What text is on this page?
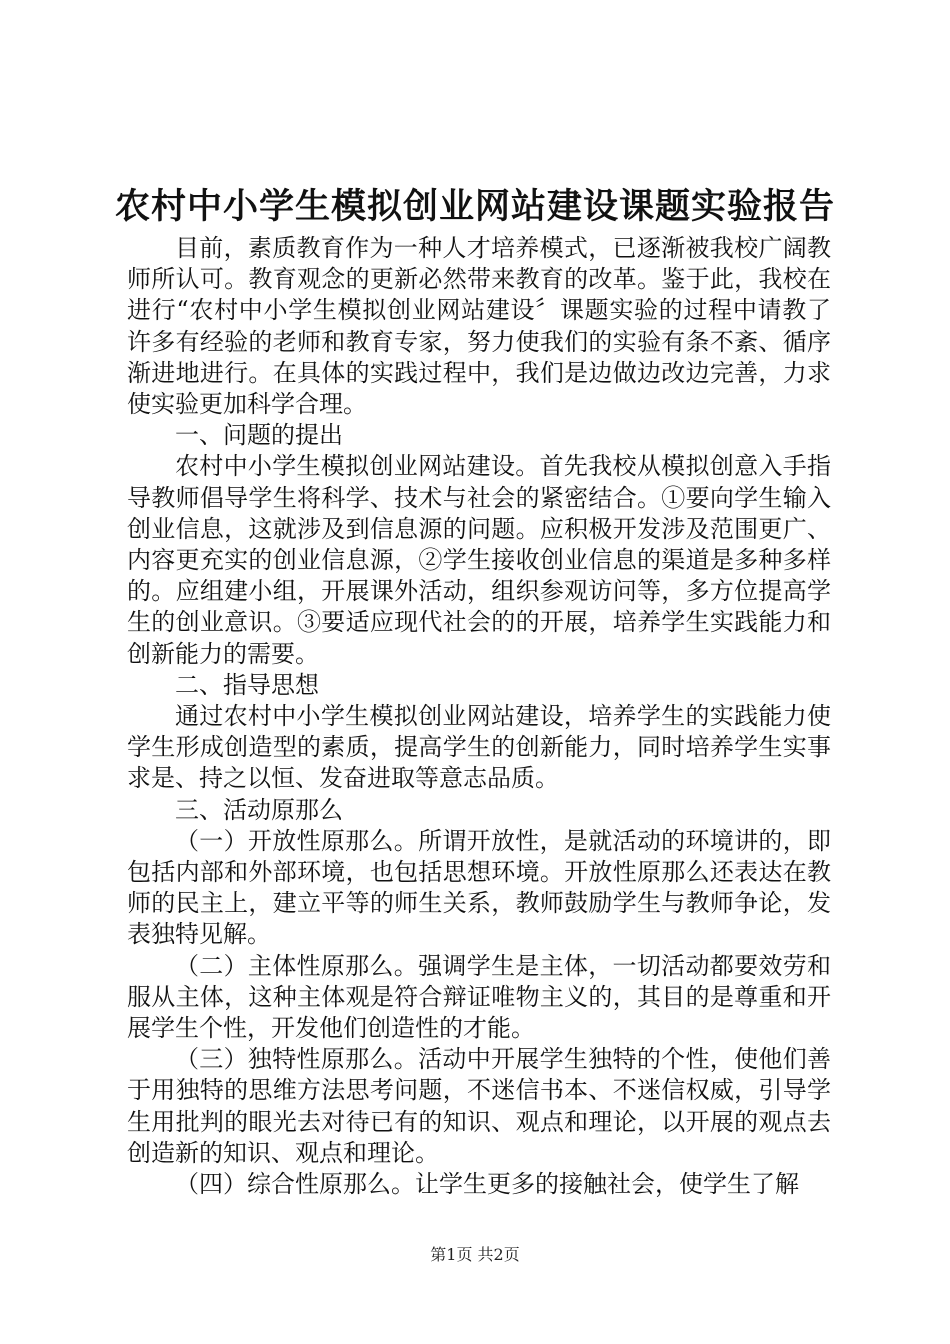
农村中小学生模拟创业网站建设课题实验报告

目前，素质教育作为一种人才培养模式，已逐渐被我校广阔教师所认可。教育观念的更新必然带来教育的改革。鉴于此，我校在进行“农村中小学生模拟创业网站建设〞课题实验的过程中请教了许多有经验的老师和教育专家，努力使我们的实验有条不紊、循序渐进地进行。在具体的实践过程中，我们是边做边改边完善，力求使实验更加科学合理。

一、问题的提出

农村中小学生模拟创业网站建设。首先我校从模拟创意入手指导教师倡导学生将科学、技术与社会的紧密结合。①要向学生输入创业信息，这就涉及到信息源的问题。应积极开发涉及范围更广、内容更充实的创业信息源，②学生接收创业信息的渠道是多种多样的。应组建小组，开展课外活动，组织参观访问等，多方位提高学生的创业意识。③要适应现代社会的的开展，培养学生实践能力和创新能力的需要。

二、指导思想

通过农村中小学生模拟创业网站建设，培养学生的实践能力使学生形成创造型的素质，提高学生的创新能力，同时培养学生实事求是、持之以恒、发奋进取等意志品质。

三、活动原那么

（一）开放性原那么。所谓开放性，是就活动的环境讲的，即包括内部和外部环境，也包括思想环境。开放性原那么还表达在教师的民主上，建立平等的师生关系，教师鼓励学生与教师争论，发表独特见解。

（二）主体性原那么。强调学生是主体，一切活动都要效劳和服从主体，这种主体观是符合辩证唯物主义的，其目的是尊重和开展学生个性，开发他们创造性的才能。

（三）独特性原那么。活动中开展学生独特的个性，使他们善于用独特的思维方法思考问题，不迷信书本、不迷信权威，引导学生用批判的眼光去对待已有的知识、观点和理论，以开展的观点去创造新的知识、观点和理论。

（四）综合性原那么。让学生更多的接触社会，使学生了解

第1页 共2页
